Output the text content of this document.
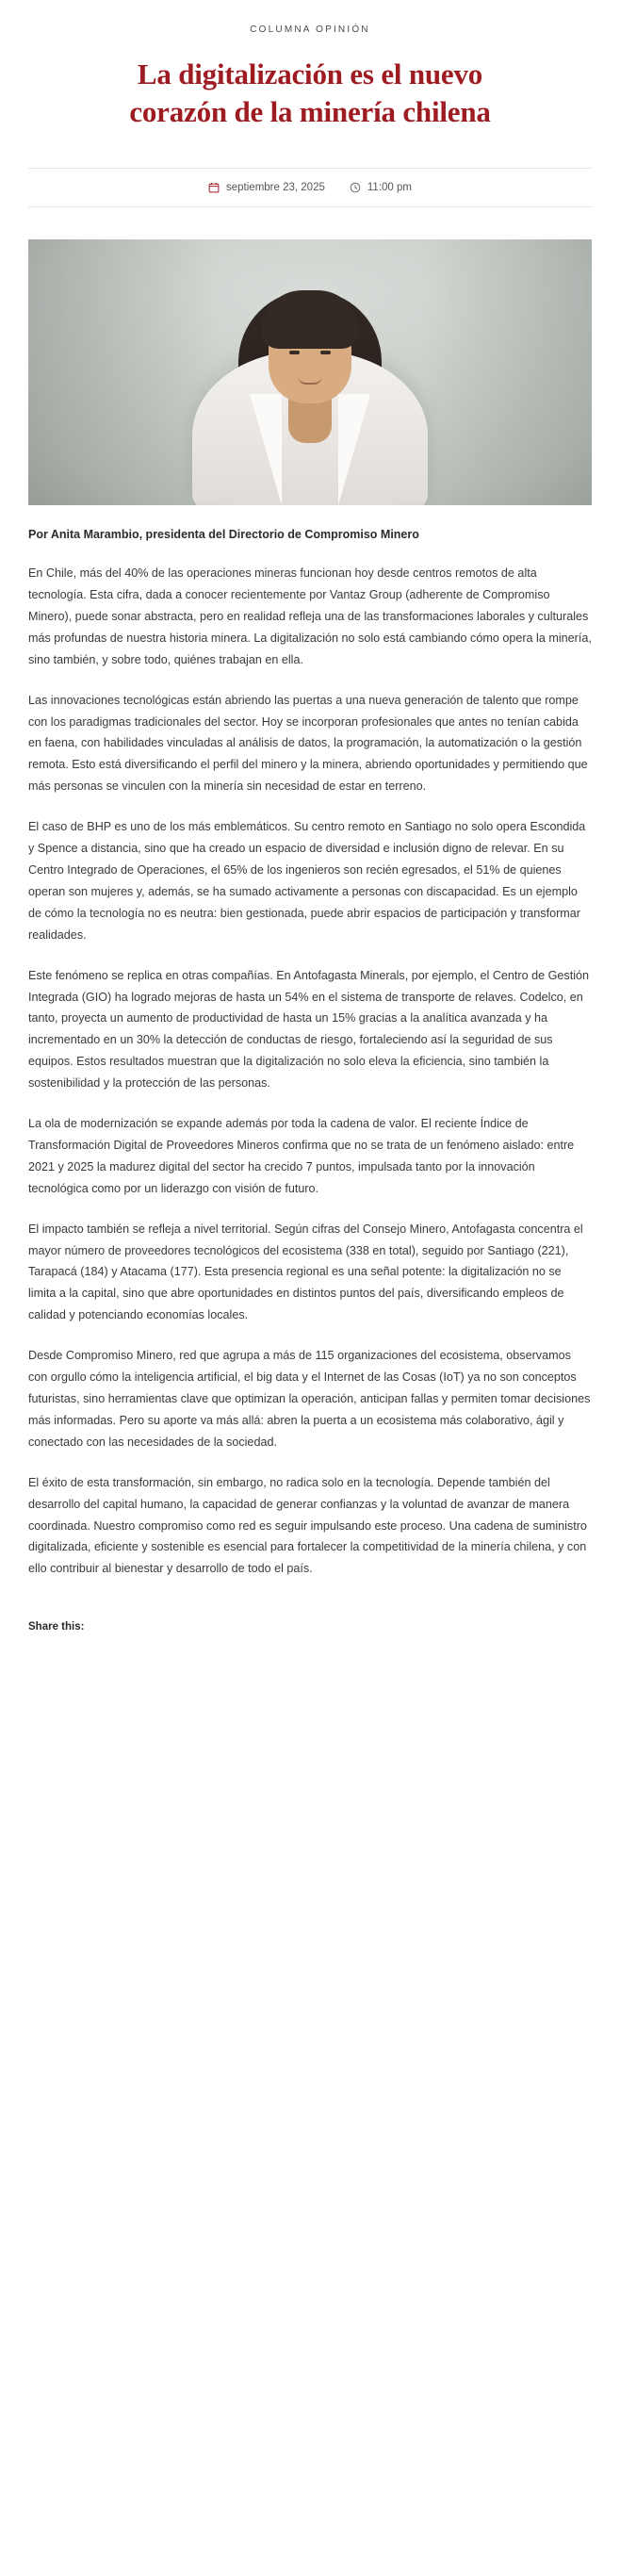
COLUMNA OPINIÓN
La digitalización es el nuevo corazón de la minería chilena
septiembre 23, 2025	11:00 pm
Por Anita Marambio, presidenta del Directorio de Compromiso Minero

En Chile, más del 40% de las operaciones mineras funcionan hoy desde centros remotos de alta tecnología. Esta cifra, dada a conocer recientemente por Vantaz Group (adherente de Compromiso Minero), puede sonar abstracta, pero en realidad refleja una de las transformaciones laborales y culturales más profundas de nuestra historia minera. La digitalización no solo está cambiando cómo opera la minería, sino también, y sobre todo, quiénes trabajan en ella.

Las innovaciones tecnológicas están abriendo las puertas a una nueva generación de talento que rompe con los paradigmas tradicionales del sector. Hoy se incorporan profesionales que antes no tenían cabida en faena, con habilidades vinculadas al análisis de datos, la programación, la automatización o la gestión remota. Esto está diversificando el perfil del minero y la minera, abriendo oportunidades y permitiendo que más personas se vinculen con la minería sin necesidad de estar en terreno.

El caso de BHP es uno de los más emblemáticos. Su centro remoto en Santiago no solo opera Escondida y Spence a distancia, sino que ha creado un espacio de diversidad e inclusión digno de relevar. En su Centro Integrado de Operaciones, el 65% de los ingenieros son recién egresados, el 51% de quienes operan son mujeres y, además, se ha sumado activamente a personas con discapacidad. Es un ejemplo de cómo la tecnología no es neutra: bien gestionada, puede abrir espacios de participación y transformar realidades.

Este fenómeno se replica en otras compañías. En Antofagasta Minerals, por ejemplo, el Centro de Gestión Integrada (GIO) ha logrado mejoras de hasta un 54% en el sistema de transporte de relaves. Codelco, en tanto, proyecta un aumento de productividad de hasta un 15% gracias a la analítica avanzada y ha incrementado en un 30% la detección de conductas de riesgo, fortaleciendo así la seguridad de sus equipos. Estos resultados muestran que la digitalización no solo eleva la eficiencia, sino también la sostenibilidad y la protección de las personas.

La ola de modernización se expande además por toda la cadena de valor. El reciente Índice de Transformación Digital de Proveedores Mineros confirma que no se trata de un fenómeno aislado: entre 2021 y 2025 la madurez digital del sector ha crecido 7 puntos, impulsada tanto por la innovación tecnológica como por un liderazgo con visión de futuro.

El impacto también se refleja a nivel territorial. Según cifras del Consejo Minero, Antofagasta concentra el mayor número de proveedores tecnológicos del ecosistema (338 en total), seguido por Santiago (221), Tarapacá (184) y Atacama (177). Esta presencia regional es una señal potente: la digitalización no se limita a la capital, sino que abre oportunidades en distintos puntos del país, diversificando empleos de calidad y potenciando economías locales.

Desde Compromiso Minero, red que agrupa a más de 115 organizaciones del ecosistema, observamos con orgullo cómo la inteligencia artificial, el big data y el Internet de las Cosas (IoT) ya no son conceptos futuristas, sino herramientas clave que optimizan la operación, anticipan fallas y permiten tomar decisiones más informadas. Pero su aporte va más allá: abren la puerta a un ecosistema más colaborativo, ágil y conectado con las necesidades de la sociedad.

El éxito de esta transformación, sin embargo, no radica solo en la tecnología. Depende también del desarrollo del capital humano, la capacidad de generar confianzas y la voluntad de avanzar de manera coordinada. Nuestro compromiso como red es seguir impulsando este proceso. Una cadena de suministro digitalizada, eficiente y sostenible es esencial para fortalecer la competitividad de la minería chilena, y con ello contribuir al bienestar y desarrollo de todo el país.

Share this:
